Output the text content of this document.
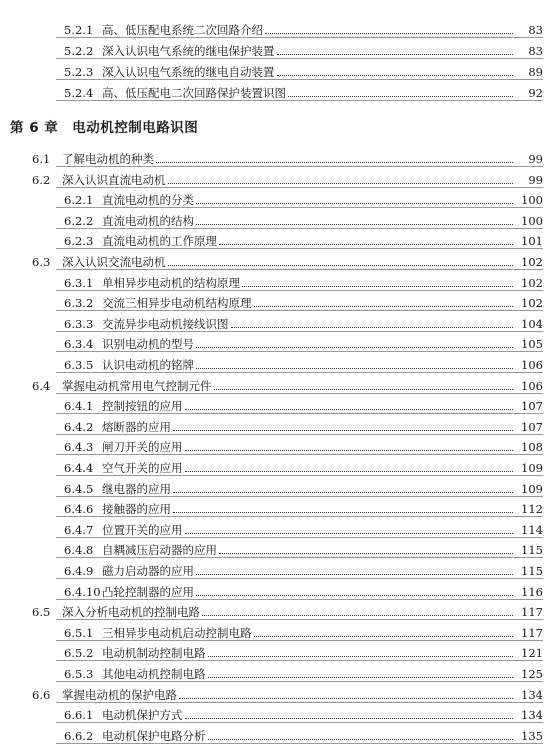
5.2.1 高、低压配电系统二次回路介绍	83
5.2.2 深入认识电气系统的继电保护装置	83
5.2.3 深入认识电气系统的继电自动装置	89
5.2.4 高、低压配电二次回路保护装置识图	92
第 6 章 电动机控制电路识图
6.1	了解电动机的种类	99
6.2	深入认识直流电动机	99
6.2.1 直流电动机的分类	100
6.2.2 直流电动机的结构	100
6.2.3 直流电动机的工作原理	101
6.3	深入认识交流电动机	102
6.3.1 单相异步电动机的结构原理	102
6.3.2 交流三相异步电动机结构原理	102
6.3.3 交流异步电动机接线识图	104
6.3.4 识别电动机的型号	105
6.3.5 认识电动机的铭牌	106
6.4	掌握电动机常用电气控制元件	106
6.4.1 控制按钮的应用	107
6.4.2 熔断器的应用	107
6.4.3 闸刀开关的应用	108
6.4.4 空气开关的应用	109
6.4.5 继电器的应用	109
6.4.6 接触器的应用	112
6.4.7 位置开关的应用	114
6.4.8 自耦减压启动器的应用	115
6.4.9 磁力启动器的应用	115
6.4.10 凸轮控制器的应用	116
6.5	深入分析电动机的控制电路	117
6.5.1 三相异步电动机启动控制电路	117
6.5.2 电动机制动控制电路	121
6.5.3 其他电动机控制电路	125
6.6	掌握电动机的保护电路	134
6.6.1 电动机保护方式	134
6.6.2 电动机保护电路分析	135
